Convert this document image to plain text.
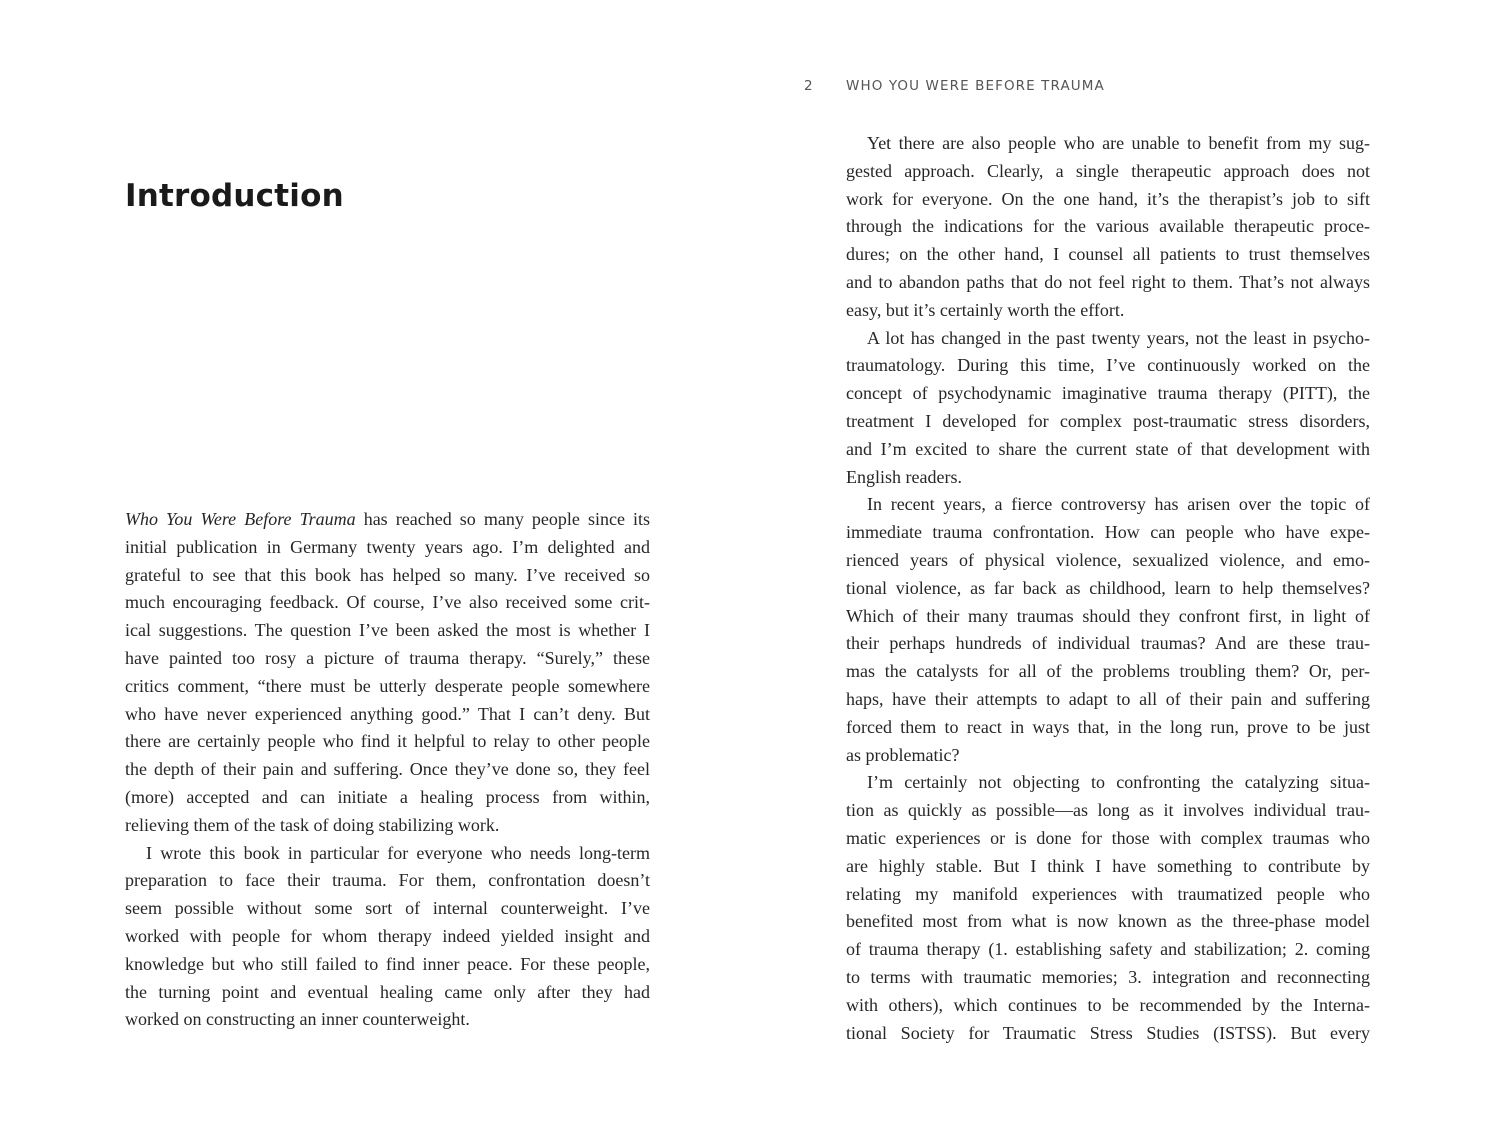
Introduction
Who You Were Before Trauma has reached so many people since its
initial publication in Germany twenty years ago. I’m delighted and
grateful to see that this book has helped so many. I’ve received so
much encouraging feedback. Of course, I’ve also received some crit-
ical suggestions. The question I’ve been asked the most is whether I
have painted too rosy a picture of trauma therapy. “Surely,” these
critics comment, “there must be utterly desperate people somewhere
who have never experienced anything good.” That I can’t deny. But
there are certainly people who find it helpful to relay to other people
the depth of their pain and suffering. Once they’ve done so, they feel
(more) accepted and can initiate a healing process from within,
relieving them of the task of doing stabilizing work.
I wrote this book in particular for everyone who needs long-term
preparation to face their trauma. For them, confrontation doesn’t
seem possible without some sort of internal counterweight. I’ve
worked with people for whom therapy indeed yielded insight and
knowledge but who still failed to find inner peace. For these people,
the turning point and eventual healing came only after they had
worked on constructing an inner counterweight.
2 WHO YOU WERE BEFORE TRAUMA
Yet there are also people who are unable to benefit from my sug-
gested approach. Clearly, a single therapeutic approach does not
work for everyone. On the one hand, it’s the therapist’s job to sift
through the indications for the various available therapeutic proce-
dures; on the other hand, I counsel all patients to trust themselves
and to abandon paths that do not feel right to them. That’s not always
easy, but it’s certainly worth the effort.
A lot has changed in the past twenty years, not the least in psycho-
traumatology. During this time, I’ve continuously worked on the
concept of psychodynamic imaginative trauma therapy (PITT), the
treatment I developed for complex post-traumatic stress disorders,
and I’m excited to share the current state of that development with
English readers.
In recent years, a fierce controversy has arisen over the topic of
immediate trauma confrontation. How can people who have expe-
rienced years of physical violence, sexualized violence, and emo-
tional violence, as far back as childhood, learn to help themselves?
Which of their many traumas should they confront first, in light of
their perhaps hundreds of individual traumas? And are these trau-
mas the catalysts for all of the problems troubling them? Or, per-
haps, have their attempts to adapt to all of their pain and suffering
forced them to react in ways that, in the long run, prove to be just
as problematic?
I’m certainly not objecting to confronting the catalyzing situa-
tion as quickly as possible—as long as it involves individual trau-
matic experiences or is done for those with complex traumas who
are highly stable. But I think I have something to contribute by
relating my manifold experiences with traumatized people who
benefited most from what is now known as the three-phase model
of trauma therapy (1. establishing safety and stabilization; 2. coming
to terms with traumatic memories; 3. integration and reconnecting
with others), which continues to be recommended by the Interna-
tional Society for Traumatic Stress Studies (ISTSS). But every
